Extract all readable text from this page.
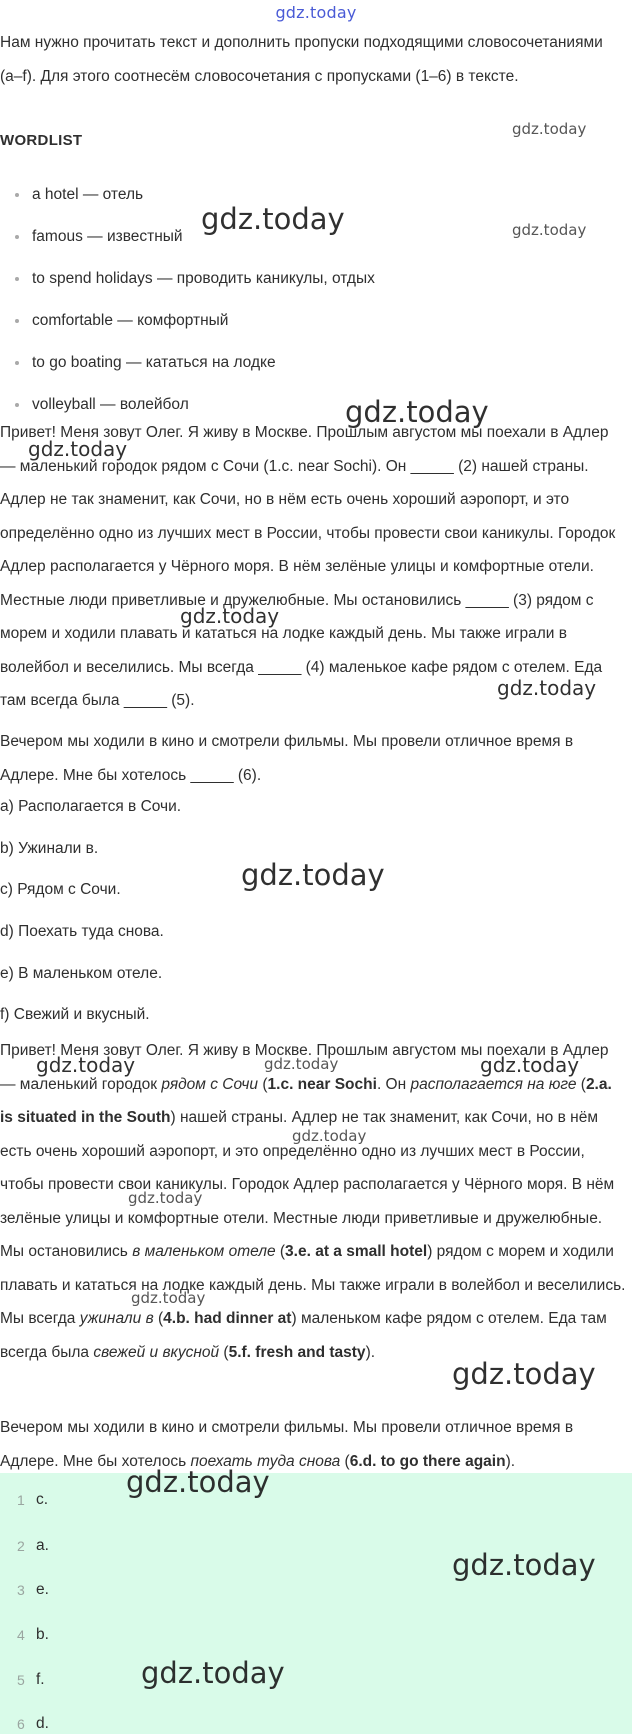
gdz.today

Нам нужно прочитать текст и дополнить пропуски подходящими словосочетаниями (a–f). Для этого соотнесём словосочетания с пропусками (1–6) в тексте.

WORDLIST
a hotel — отель
famous — известный
to spend holidays — проводить каникулы, отдых
comfortable — комфортный
to go boating — кататься на лодке
volleyball — волейбол

Привет! Меня зовут Олег. Я живу в Москве. Прошлым августом мы поехали в Адлер — маленький городок рядом с Сочи (1.c. near Sochi). Он _____ (2) нашей страны. Адлер не так знаменит, как Сочи, но в нём есть очень хороший аэропорт, и это определённо одно из лучших мест в России, чтобы провести свои каникулы. Городок Адлер располагается у Чёрного моря. В нём зелёные улицы и комфортные отели. Местные люди приветливые и дружелюбные. Мы остановились _____ (3) рядом с морем и ходили плавать и кататься на лодке каждый день. Мы также играли в волейбол и веселились. Мы всегда _____ (4) маленькое кафе рядом с отелем. Еда там всегда была _____ (5).

Вечером мы ходили в кино и смотрели фильмы. Мы провели отличное время в Адлере. Мне бы хотелось _____ (6).

a) Располагается в Сочи.
b) Ужинали в.
c) Рядом с Сочи.
d) Поехать туда снова.
e) В маленьком отеле.
f) Свежий и вкусный.

Привет! Меня зовут Олег. Я живу в Москве. Прошлым августом мы поехали в Адлер — маленький городок рядом с Сочи (1.c. near Sochi. Он располагается на юге (2.a. is situated in the South) нашей страны. Адлер не так знаменит, как Сочи, но в нём есть очень хороший аэропорт, и это определённо одно из лучших мест в России, чтобы провести свои каникулы. Городок Адлер располагается у Чёрного моря. В нём зелёные улицы и комфортные отели. Местные люди приветливые и дружелюбные. Мы остановились в маленьком отеле (3.e. at a small hotel) рядом с морем и ходили плавать и кататься на лодке каждый день. Мы также играли в волейбол и веселились. Мы всегда ужинали в (4.b. had dinner at) маленьком кафе рядом с отелем. Еда там всегда была свежей и вкусной (5.f. fresh and tasty).

Вечером мы ходили в кино и смотрели фильмы. Мы провели отличное время в Адлере. Мне бы хотелось поехать туда снова (6.d. to go there again).

1 c.
2 a.
3 e.
4 b.
5 f.
6 d.
gdz.today
gdz.today	gdz.today
gdz.today
gdz.today
gdz.today
gdz.today
gdz.today
gdz.today	gdz.today	gdz.today
gdz.today
gdz.today
gdz.today
gdz.today
gdz.today
gdz.today
gdz.today
